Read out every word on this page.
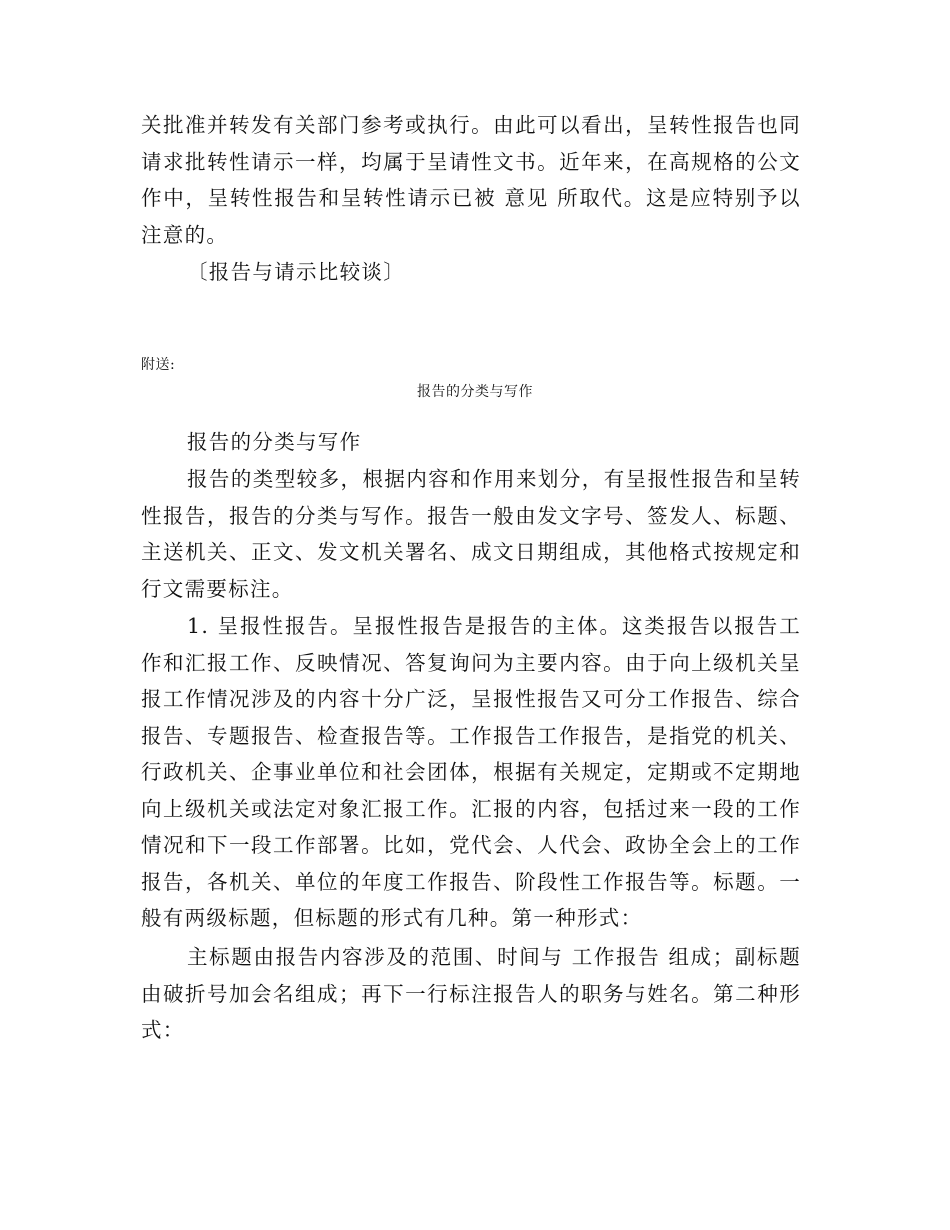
关批准并转发有关部门参考或执行。由此可以看出，呈转性报告也同请求批转性请示一样，均属于呈请性文书。近年来，在高规格的公文作中，呈转性报告和呈转性请示已被 意见 所取代。这是应特别予以注意的。

〔报告与请示比较谈〕

附送:

报告的分类与写作

报告的分类与写作

报告的类型较多，根据内容和作用来划分，有呈报性报告和呈转性报告，报告的分类与写作。报告一般由发文字号、签发人、标题、主送机关、正文、发文机关署名、成文日期组成，其他格式按规定和行文需要标注。

1. 呈报性报告。呈报性报告是报告的主体。这类报告以报告工作和汇报工作、反映情况、答复询问为主要内容。由于向上级机关呈报工作情况涉及的内容十分广泛，呈报性报告又可分工作报告、综合报告、专题报告、检查报告等。工作报告工作报告，是指党的机关、行政机关、企事业单位和社会团体，根据有关规定，定期或不定期地向上级机关或法定对象汇报工作。汇报的内容，包括过来一段的工作情况和下一段工作部署。比如，党代会、人代会、政协全会上的工作报告，各机关、单位的年度工作报告、阶段性工作报告等。标题。一般有两级标题，但标题的形式有几种。第一种形式：

主标题由报告内容涉及的范围、时间与 工作报告 组成；副标题由破折号加会名组成；再下一行标注报告人的职务与姓名。第二种形式：
